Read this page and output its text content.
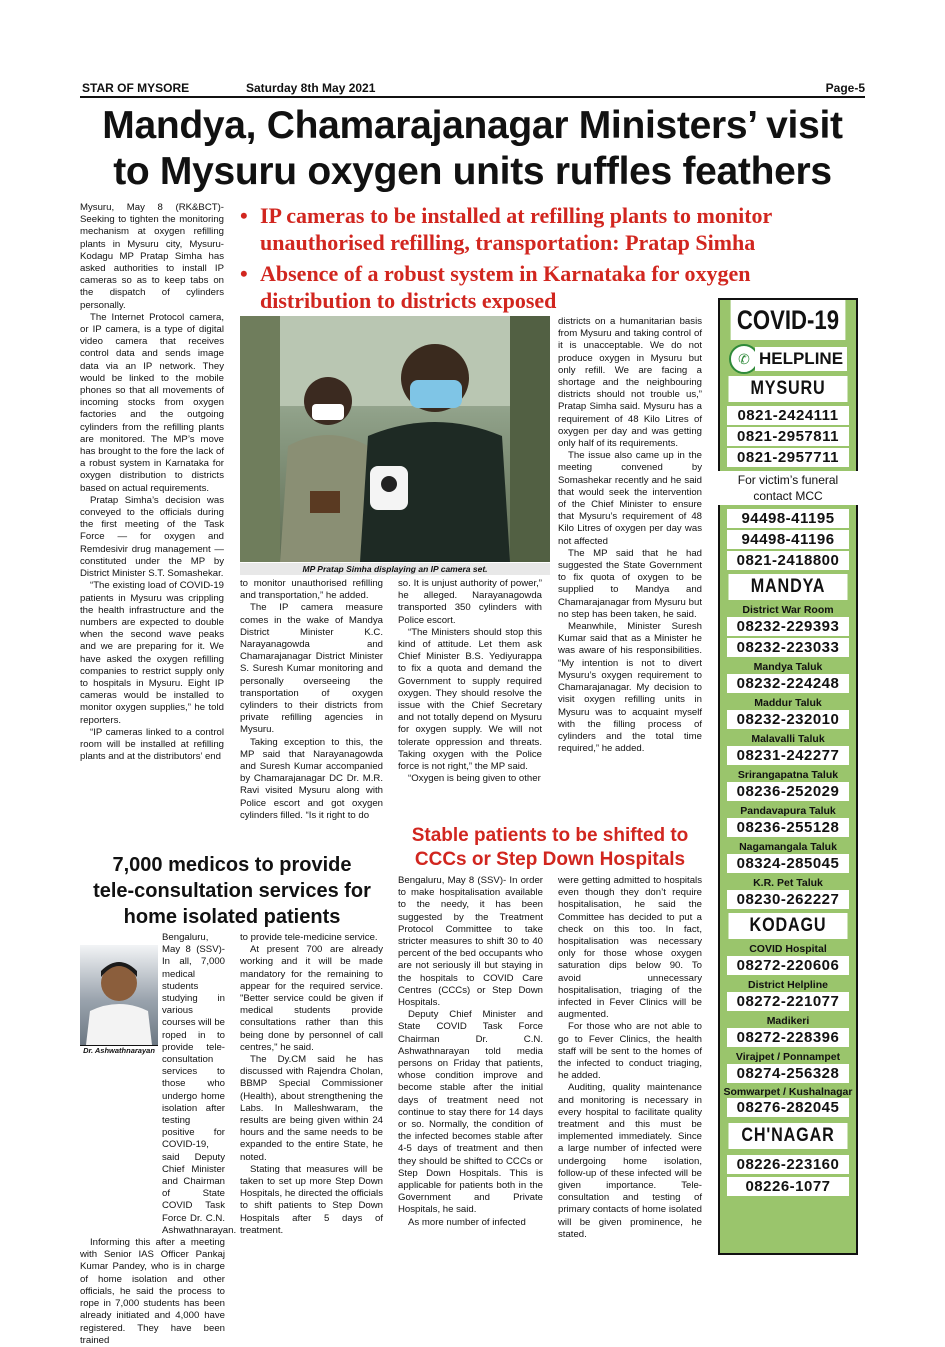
STAR OF MYSORE	Saturday 8th May 2021	Page-5
Mandya, Chamarajanagar Ministers’ visit
to Mysuru oxygen units ruffles feathers

Mysuru, May 8 (RK&BCT)- Seeking to tighten the monitoring mechanism at oxygen refilling plants in Mysuru city, Mysuru-Kodagu MP Pratap Simha has asked authorities to install IP cameras so as to keep tabs on the dispatch of cylinders personally.

The Internet Protocol camera, or IP camera, is a type of digital video camera that receives control data and sends image data via an IP network. They would be linked to the mobile phones so that all movements of incoming stocks from oxygen factories and the outgoing cylinders from the refilling plants are monitored. The MP’s move has brought to the fore the lack of a robust system in Karnataka for oxygen distribution to districts based on actual requirements.

Pratap Simha’s decision was conveyed to the officials during the first meeting of the Task Force — for oxygen and Remdesivir drug management — constituted under the MP by District Minister S.T. Somashekar.

“The existing load of COVID-19 patients in Mysuru was crippling the health infrastructure and the numbers are expected to double when the second wave peaks and we are preparing for it. We have asked the oxygen refilling companies to restrict supply only to hospitals in Mysuru. Eight IP cameras would be installed to monitor oxygen supplies,” he told reporters.

“IP cameras linked to a control room will be installed at refilling plants and at the distributors’ end

• IP cameras to be installed at refilling plants to monitor unauthorised refilling, transportation: Pratap Simha
• Absence of a robust system in Karnataka for oxygen distribution to districts exposed
MP Pratap Simha displaying an IP camera set.

to monitor unauthorised refilling and transportation,” he added.

The IP camera measure comes in the wake of Mandya District Minister K.C. Narayanagowda and Chamarajanagar District Minister S. Suresh Kumar monitoring and personally overseeing the transportation of oxygen cylinders to their districts from private refilling agencies in Mysuru.

Taking exception to this, the MP said that Narayanagowda and Suresh Kumar accompanied by Chamarajanagar DC Dr. M.R. Ravi visited Mysuru along with Police escort and got oxygen cylinders filled. “Is it right to do

so. It is unjust authority of power,” he alleged. Narayanagowda transported 350 cylinders with Police escort.

“The Ministers should stop this kind of attitude. Let them ask Chief Minister B.S. Yediyurappa to fix a quota and demand the Government to supply required oxygen. They should resolve the issue with the Chief Secretary and not totally depend on Mysuru for oxygen supply. We will not tolerate oppression and threats. Taking oxygen with the Police force is not right,” the MP said.

“Oxygen is being given to other

districts on a humanitarian basis from Mysuru and taking control of it is unacceptable. We do not produce oxygen in Mysuru but only refill. We are facing a shortage and the neighbouring districts should not trouble us,” Pratap Simha said. Mysuru has a requirement of 48 Kilo Litres of oxygen per day and was getting only half of its requirements.

The issue also came up in the meeting convened by Somashekar recently and he said that would seek the intervention of the Chief Minister to ensure that Mysuru’s requirement of 48 Kilo Litres of oxygen per day was not affected

The MP said that he had suggested the State Government to fix quota of oxygen to be supplied to Mandya and Chamarajanagar from Mysuru but no step has been taken, he said.

Meanwhile, Minister Suresh Kumar said that as a Minister he was aware of his responsibilities. “My intention is not to divert Mysuru’s oxygen requirement to Chamarajanagar. My decision to visit oxygen refilling units in Mysuru was to acquaint myself with the filling process of cylinders and the total time required,” he added.

7,000 medicos to provide
tele-consultation services for
home isolated patients
Dr. Ashwathnarayan

Bengaluru, May 8 (SSV)- In all, 7,000 medical students studying in various courses will be roped in to provide tele-consultation services to those who undergo home isolation after testing positive for COVID-19, said Deputy Chief Minister and Chairman of State COVID Task Force Dr. C.N. Ashwathnarayan.

Informing this after a meeting with Senior IAS Officer Pankaj Kumar Pandey, who is in charge of home isolation and other officials, he said the process to rope in 7,000 students has been already initiated and 4,000 have registered. They have been trained

to provide tele-medicine service.

At present 700 are already working and it will be made mandatory for the remaining to appear for the required service. "Better service could be given if medical students provide consultations rather than this being done by personnel of call centres," he said.

The Dy.CM said he has discussed with Rajendra Cholan, BBMP Special Commissioner (Health), about strengthening the Labs. In Malleshwaram, the results are being given within 24 hours and the same needs to be expanded to the entire State, he noted.

Stating that measures will be taken to set up more Step Down Hospitals, he directed the officials to shift patients to Step Down Hospitals after 5 days of treatment.

Stable patients to be shifted to
CCCs or Step Down Hospitals

Bengaluru, May 8 (SSV)- In order to make hospitalisation available to the needy, it has been suggested by the Treatment Protocol Committee to take stricter measures to shift 30 to 40 percent of the bed occupants who are not seriously ill but staying in the hospitals to COVID Care Centres (CCCs) or Step Down Hospitals.

Deputy Chief Minister and State COVID Task Force Chairman Dr. C.N. Ashwathnarayan told media persons on Friday that patients, whose condition improve and become stable after the initial days of treatment need not continue to stay there for 14 days or so. Normally, the condition of the infected becomes stable after 4-5 days of treatment and then they should be shifted to CCCs or Step Down Hospitals. This is applicable for patients both in the Government and Private Hospitals, he said.

As more number of infected

were getting admitted to hospitals even though they don’t require hospitalisation, he said the Committee has decided to put a check on this too. In fact, hospitalisation was necessary only for those whose oxygen saturation dips below 90. To avoid unnecessary hospitalisation, triaging of the infected in Fever Clinics will be augmented.

For those who are not able to go to Fever Clinics, the health staff will be sent to the homes of the infected to conduct triaging, he added.

Auditing, quality maintenance and monitoring is necessary in every hospital to facilitate quality treatment and this must be implemented immediately. Since a large number of infected were undergoing home isolation, follow-up of these infected will be given importance. Tele-consultation and testing of primary contacts of home isolated will be given prominence, he stated.

COVID-19
✆ HELPLINE
MYSURU
0821-2424111
0821-2957811
0821-2957711
For victim’s funeral contact MCC
94498-41195
94498-41196
0821-2418800
MANDYA
District War Room
08232-229393
08232-223033
Mandya Taluk
08232-224248
Maddur Taluk
08232-232010
Malavalli Taluk
08231-242277
Srirangapatna Taluk
08236-252029
Pandavapura Taluk
08236-255128
Nagamangala Taluk
08324-285045
K.R. Pet Taluk
08230-262227
KODAGU
COVID Hospital
08272-220606
District Helpline
08272-221077
Madikeri
08272-228396
Virajpet / Ponnampet
08274-256328
Somwarpet / Kushalnagar
08276-282045
CH'NAGAR
08226-223160
08226-1077
